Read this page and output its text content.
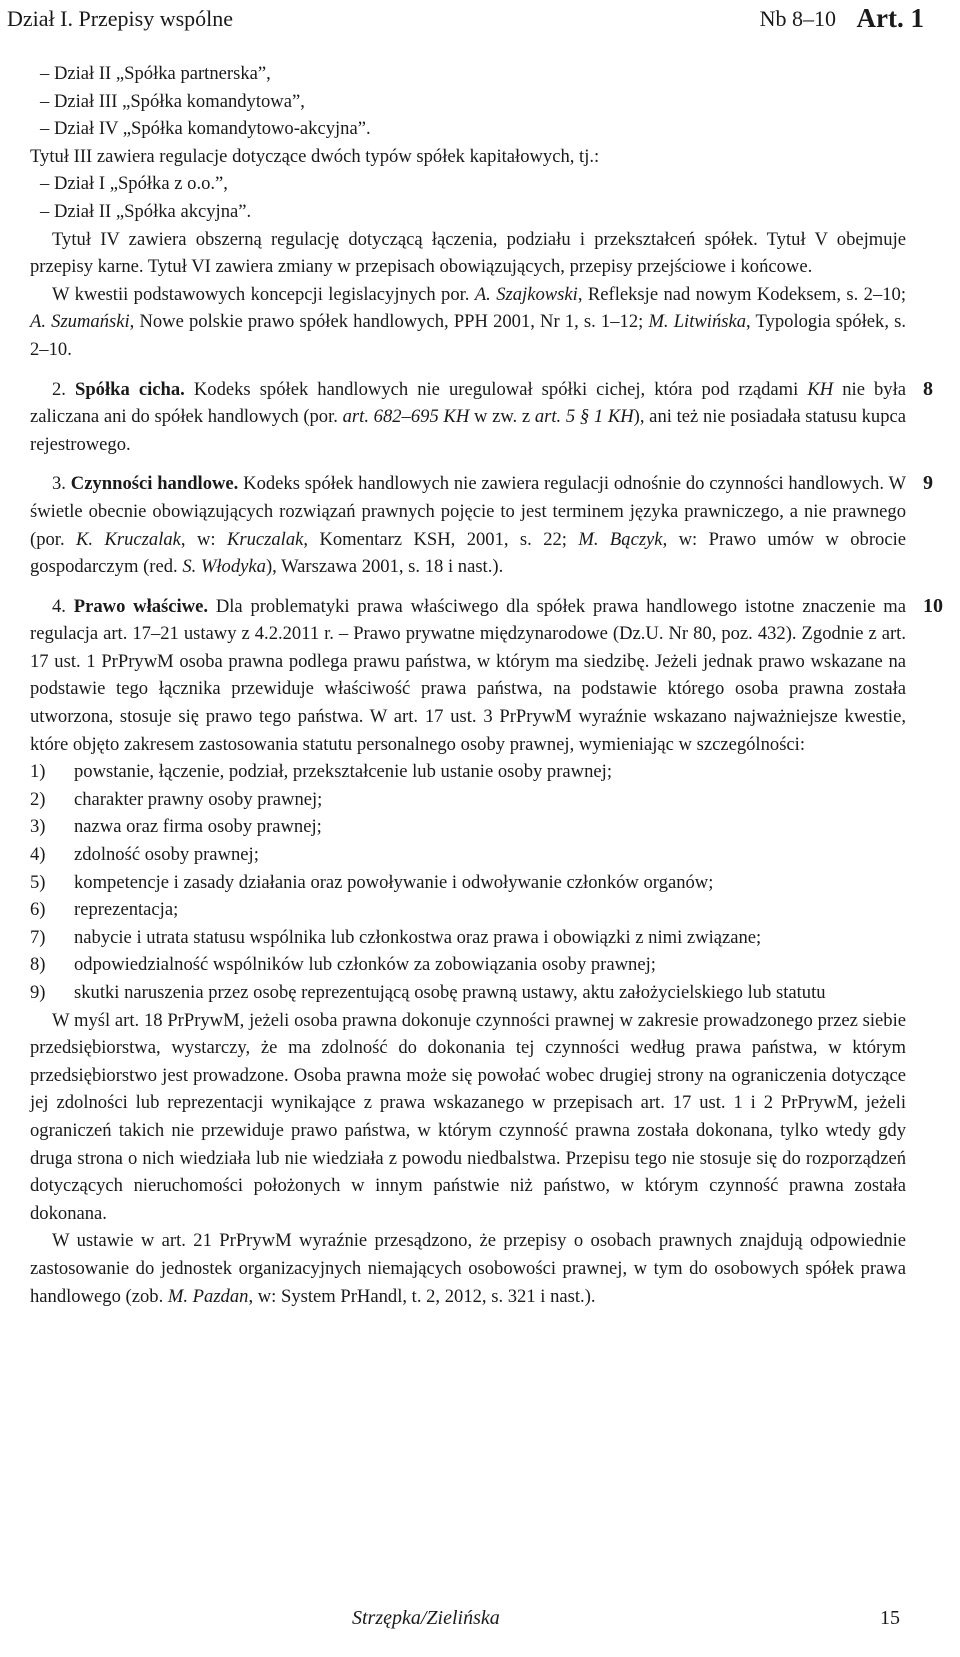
Dział I. Przepisy wspólne	Nb 8–10 Art. 1
– Dział II „Spółka partnerska”,
– Dział III „Spółka komandytowa”,
– Dział IV „Spółka komandytowo-akcyjna”.

Tytuł III zawiera regulacje dotyczące dwóch typów spółek kapitałowych, tj.:

– Dział I „Spółka z o.o.”,
– Dział II „Spółka akcyjna”.

Tytuł IV zawiera obszerną regulację dotyczącą łączenia, podziału i przekształceń spółek. Tytuł V obejmuje przepisy karne. Tytuł VI zawiera zmiany w przepisach obowiązujących, przepisy przejściowe i końcowe.

W kwestii podstawowych koncepcji legislacyjnych por. A. Szajkowski, Refleksje nad nowym Kodeksem, s. 2–10; A. Szumański, Nowe polskie prawo spółek handlowych, PPH 2001, Nr 1, s. 1–12; M. Litwińska, Typologia spółek, s. 2–10.

8

2. Spółka cicha. Kodeks spółek handlowych nie uregulował spółki cichej, która pod rządami KH nie była zaliczana ani do spółek handlowych (por. art. 682–695 KH w zw. z art. 5 § 1 KH), ani też nie posiadała statusu kupca rejestrowego.

9

3. Czynności handlowe. Kodeks spółek handlowych nie zawiera regulacji odnośnie do czynności handlowych. W świetle obecnie obowiązujących rozwiązań prawnych pojęcie to jest terminem języka prawniczego, a nie prawnego (por. K. Kruczalak, w: Kruczalak, Komentarz KSH, 2001, s. 22; M. Bączyk, w: Prawo umów w obrocie gospodarczym (red. S. Włodyka), Warszawa 2001, s. 18 i nast.).

10

4. Prawo właściwe. Dla problematyki prawa właściwego dla spółek prawa handlowego istotne znaczenie ma regulacja art. 17–21 ustawy z 4.2.2011 r. – Prawo prywatne międzynarodowe (Dz.U. Nr 80, poz. 432). Zgodnie z art. 17 ust. 1 PrPrywM osoba prawna podlega prawu państwa, w którym ma siedzibę. Jeżeli jednak prawo wskazane na podstawie tego łącznika przewiduje właściwość prawa państwa, na podstawie którego osoba prawna została utworzona, stosuje się prawo tego państwa. W art. 17 ust. 3 PrPrywM wyraźnie wskazano najważniejsze kwestie, które objęto zakresem zastosowania statutu personalnego osoby prawnej, wymieniając w szczególności:

1)	powstanie, łączenie, podział, przekształcenie lub ustanie osoby prawnej;
2)	charakter prawny osoby prawnej;
3)	nazwa oraz firma osoby prawnej;
4)	zdolność osoby prawnej;
5)	kompetencje i zasady działania oraz powoływanie i odwoływanie członków organów;
6)	reprezentacja;
7)	nabycie i utrata statusu wspólnika lub członkostwa oraz prawa i obowiązki z nimi związane;
8)	odpowiedzialność wspólników lub członków za zobowiązania osoby prawnej;
9)	skutki naruszenia przez osobę reprezentującą osobę prawną ustawy, aktu założycielskiego lub statutu

W myśl art. 18 PrPrywM, jeżeli osoba prawna dokonuje czynności prawnej w zakresie prowadzonego przez siebie przedsiębiorstwa, wystarczy, że ma zdolność do dokonania tej czynności według prawa państwa, w którym przedsiębiorstwo jest prowadzone. Osoba prawna może się powołać wobec drugiej strony na ograniczenia dotyczące jej zdolności lub reprezentacji wynikające z prawa wskazanego w przepisach art. 17 ust. 1 i 2 PrPrywM, jeżeli ograniczeń takich nie przewiduje prawo państwa, w którym czynność prawna została dokonana, tylko wtedy gdy druga strona o nich wiedziała lub nie wiedziała z powodu niedbalstwa. Przepisu tego nie stosuje się do rozporządzeń dotyczących nieruchomości położonych w innym państwie niż państwo, w którym czynność prawna została dokonana.

W ustawie w art. 21 PrPrywM wyraźnie przesądzono, że przepisy o osobach prawnych znajdują odpowiednie zastosowanie do jednostek organizacyjnych niemających osobowości prawnej, w tym do osobowych spółek prawa handlowego (zob. M. Pazdan, w: System PrHandl, t. 2, 2012, s. 321 i nast.).

Strzępka/Zielińska	15
